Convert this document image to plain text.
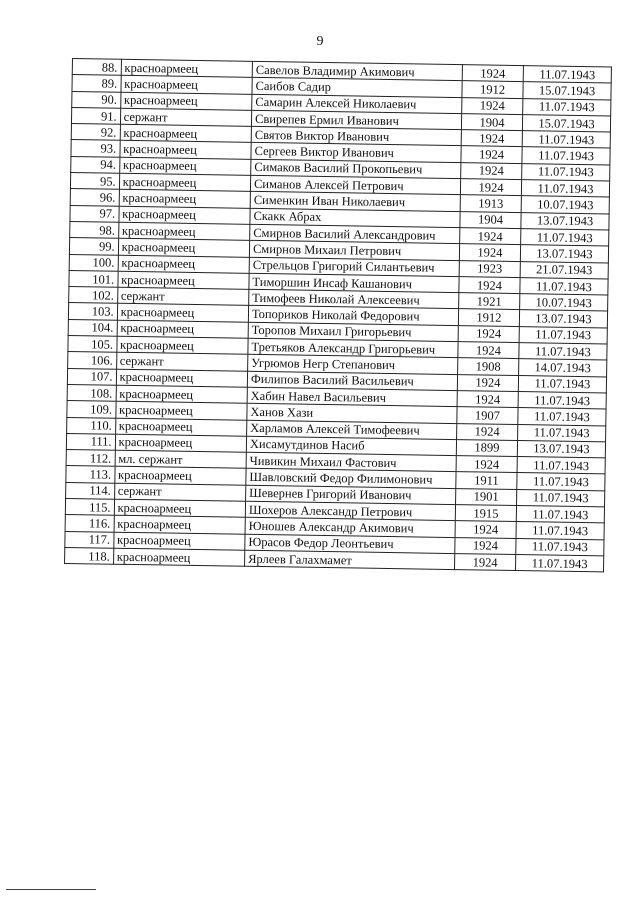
9
88.	красноармеец	Савелов Владимир Акимович	1924	11.07.1943
89.	красноармеец	Саибов Садир	1912	15.07.1943
90.	красноармеец	Самарин Алексей Николаевич	1924	11.07.1943
91.	сержант	Свирепев Ермил Иванович	1904	15.07.1943
92.	красноармеец	Святов Виктор Иванович	1924	11.07.1943
93.	красноармеец	Сергеев Виктор Иванович	1924	11.07.1943
94.	красноармеец	Симаков Василий Прокопьевич	1924	11.07.1943
95.	красноармеец	Симанов Алексей Петрович	1924	11.07.1943
96.	красноармеец	Сименкин Иван Николаевич	1913	10.07.1943
97.	красноармеец	Скакк Абрах	1904	13.07.1943
98.	красноармеец	Смирнов Василий Александрович	1924	11.07.1943
99.	красноармеец	Смирнов Михаил Петрович	1924	13.07.1943
100.	красноармеец	Стрельцов Григорий Силантьевич	1923	21.07.1943
101.	красноармеец	Тиморшин Инсаф Кашанович	1924	11.07.1943
102.	сержант	Тимофеев Николай Алексеевич	1921	10.07.1943
103.	красноармеец	Топориков Николай Федорович	1912	13.07.1943
104.	красноармеец	Торопов Михаил Григорьевич	1924	11.07.1943
105.	красноармеец	Третьяков Александр Григорьевич	1924	11.07.1943
106.	сержант	Угрюмов Негр Степанович	1908	14.07.1943
107.	красноармеец	Филипов Василий Васильевич	1924	11.07.1943
108.	красноармеец	Хабин Навел Васильевич	1924	11.07.1943
109.	красноармеец	Ханов Хази	1907	11.07.1943
110.	красноармеец	Харламов Алексей Тимофеевич	1924	11.07.1943
111.	красноармеец	Хисамутдинов Насиб	1899	13.07.1943
112.	мл. сержант	Чивикин Михаил Фастович	1924	11.07.1943
113.	красноармеец	Шавловский Федор Филимонович	1911	11.07.1943
114.	сержант	Шевернев Григорий Иванович	1901	11.07.1943
115.	красноармеец	Шохеров Александр Петрович	1915	11.07.1943
116.	красноармеец	Юношев Александр Акимович	1924	11.07.1943
117.	красноармеец	Юрасов Федор Леонтьевич	1924	11.07.1943
118.	красноармеец	Ярлеев Галахмамет	1924	11.07.1943
